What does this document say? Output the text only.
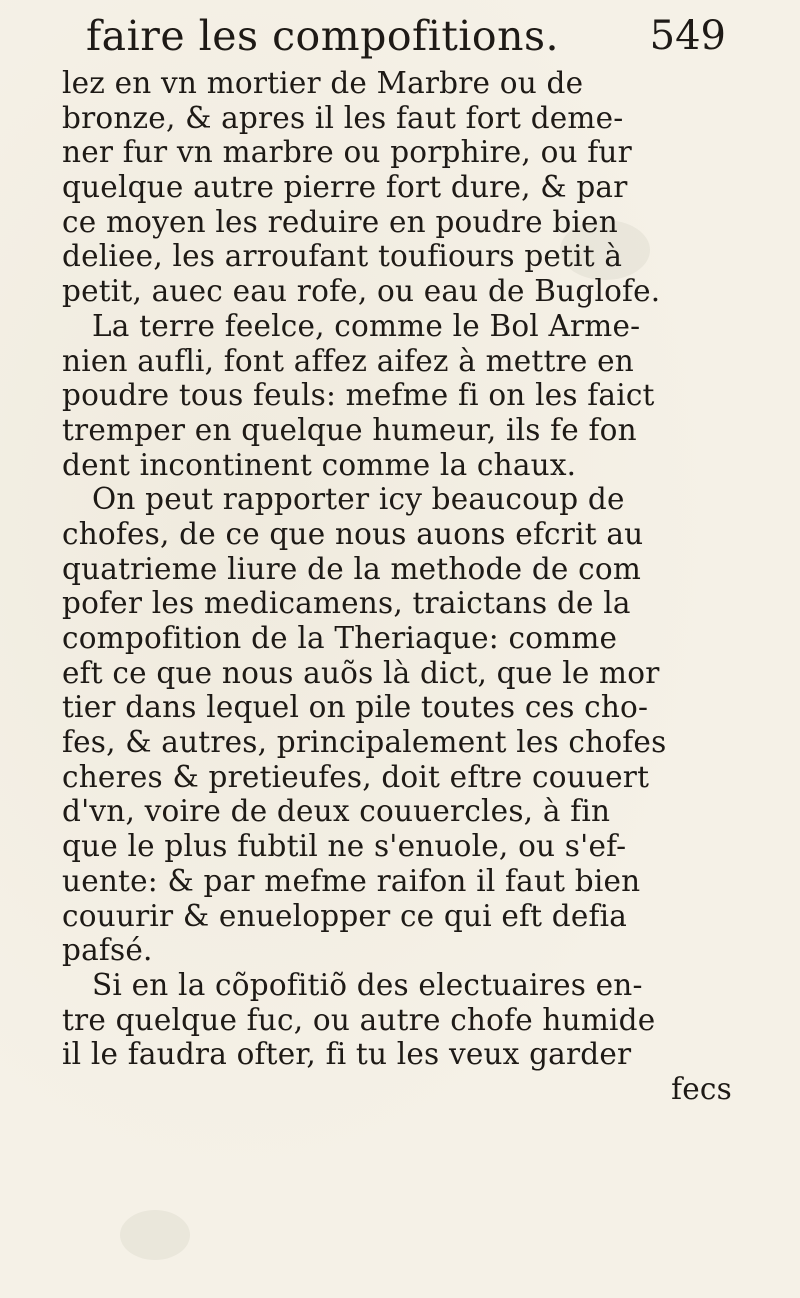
faire les compofitions. 549
lez en vn mortier de Marbre ou de
bronze, & apres il les faut fort deme-
ner fur vn marbre ou porphire, ou fur
quelque autre pierre fort dure, & par
ce moyen les reduire en poudre bien
deliee, les arroufant toufiours petit à
petit, auec eau rofe, ou eau de Buglofe.
La terre feelce, comme le Bol Arme-
nien aufli, font affez aifez à mettre en
poudre tous feuls: mefme fi on les faict
tremper en quelque humeur, ils fe fon
dent incontinent comme la chaux.
On peut rapporter icy beaucoup de
chofes, de ce que nous auons efcrit au
quatrieme liure de la methode de com
pofer les medicamens, traictans de la
compofition de la Theriaque: comme
eft ce que nous auõs là dict, que le mor
tier dans lequel on pile toutes ces cho-
fes, & autres, principalement les chofes
cheres & pretieufes, doit eftre couuert
d'vn, voire de deux couuercles, à fin
que le plus fubtil ne s'enuole, ou s'ef-
uente: & par mefme raifon il faut bien
couurir & enuelopper ce qui eft defia
pafsé.
Si en la cõpofitiõ des electuaires en-
tre quelque fuc, ou autre chofe humide
il le faudra ofter, fi tu les veux garder
fecs
